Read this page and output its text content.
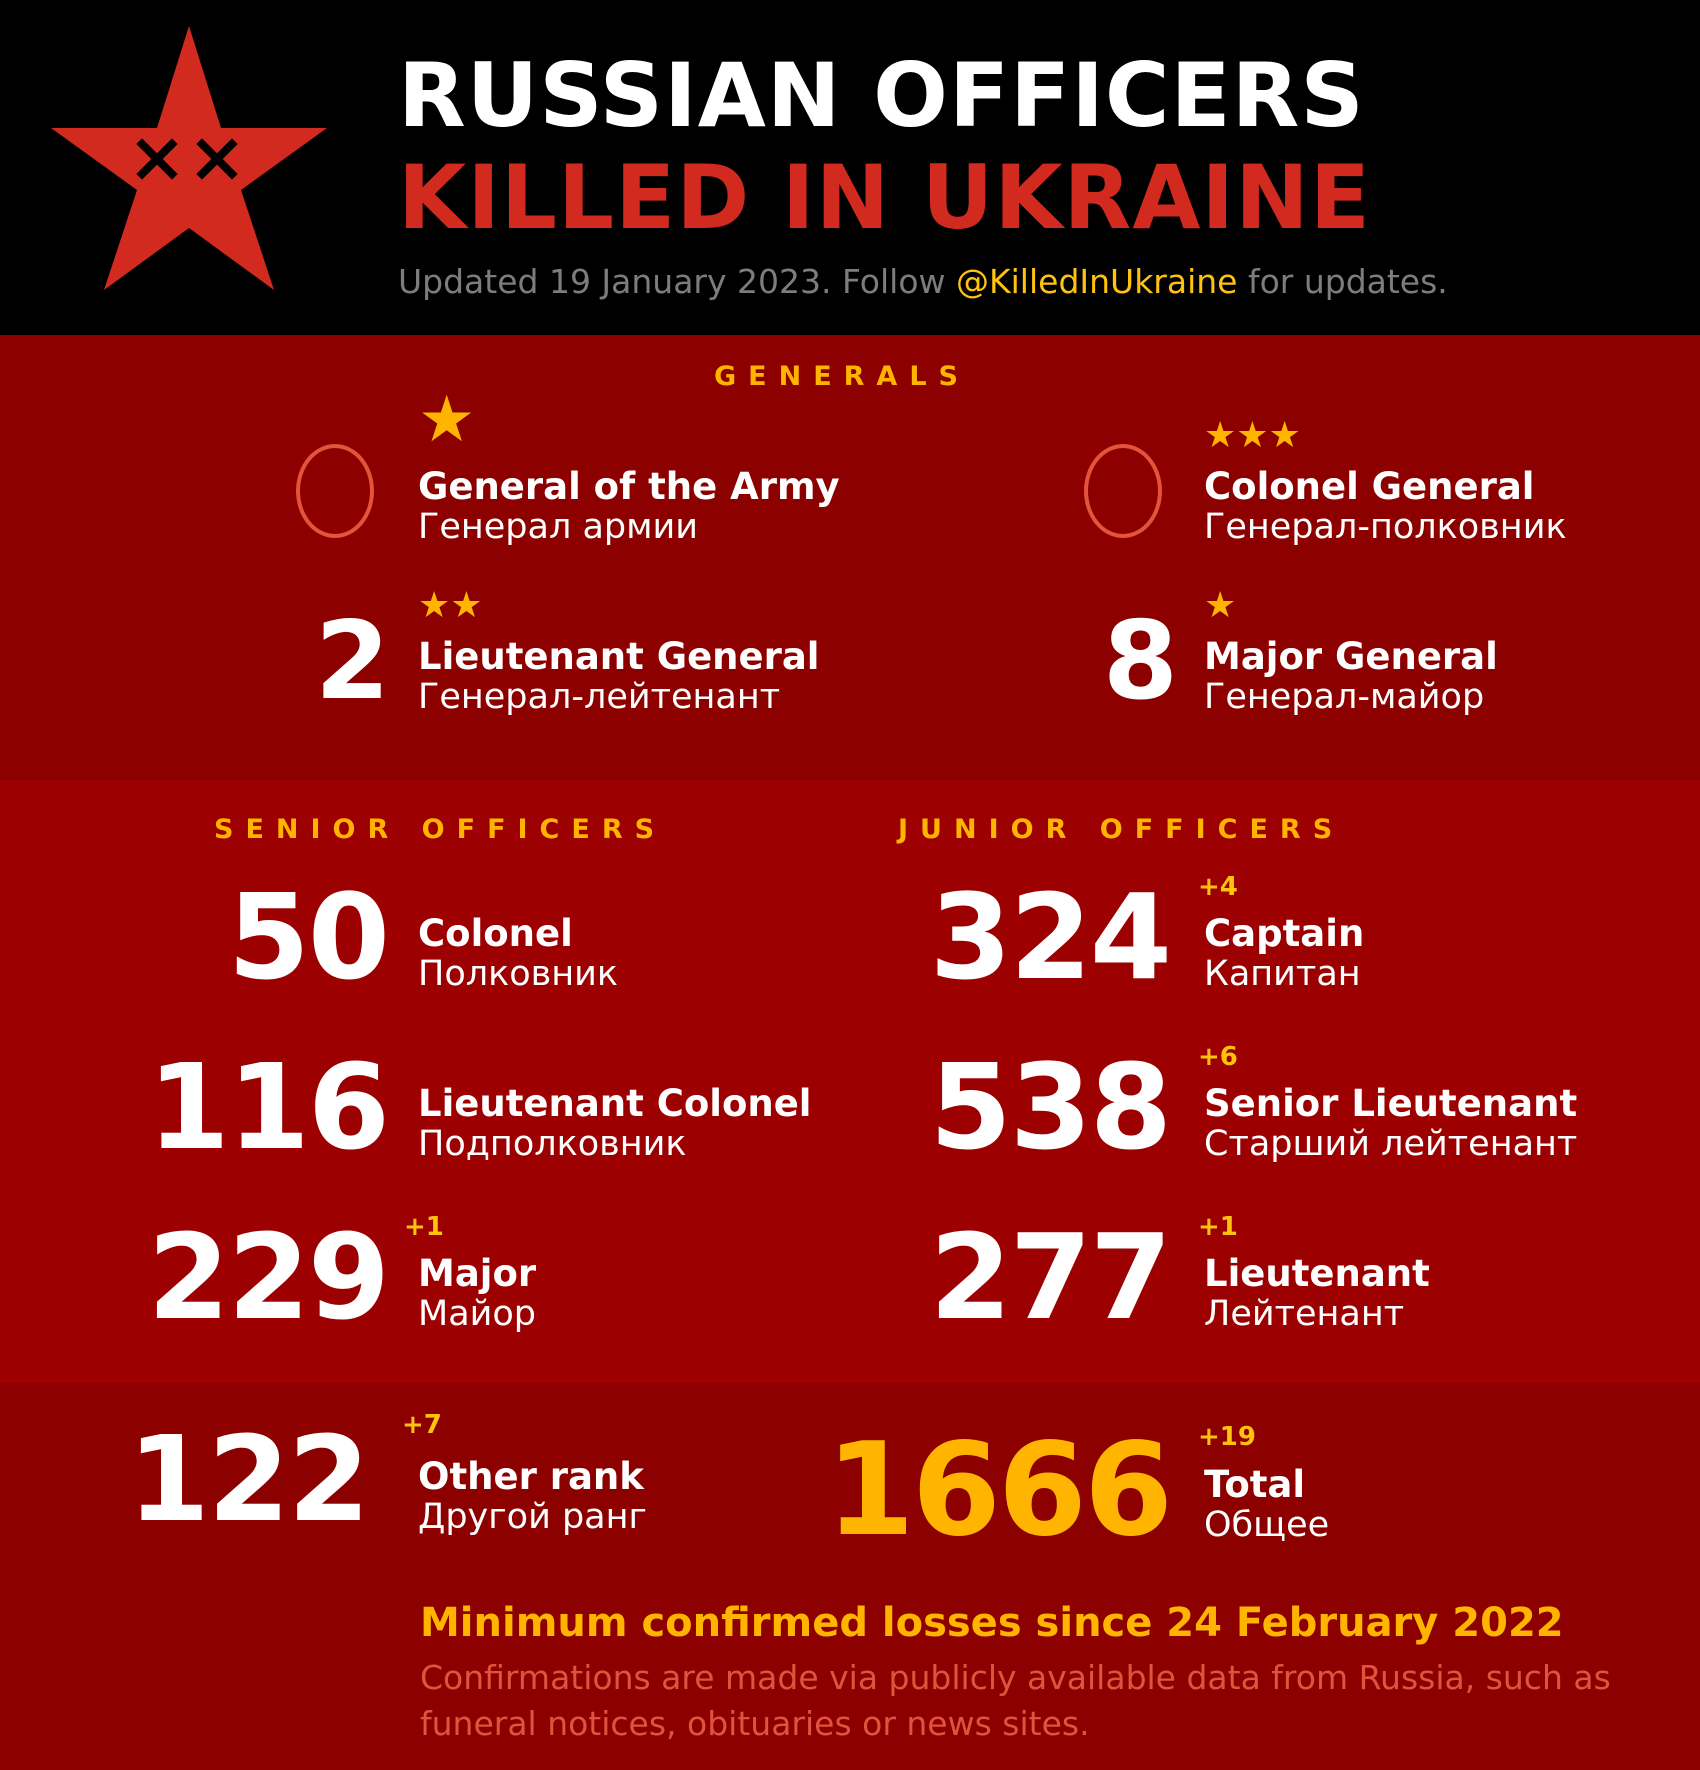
RUSSIAN OFFICERS
KILLED IN UKRAINE
Updated 19 January 2023. Follow @KilledInUkraine for updates.
GENERALS
★
General of the Army
Генерал армии
★★★
Colonel General
Генерал-полковник
★★
2 Lieutenant General
Генерал-лейтенант
★
8 Major General
Генерал-майор
SENIOR OFFICERS	JUNIOR OFFICERS
50 Colonel
Полковник
116 Lieutenant Colonel
Подполковник
+1
229 Major
Майор
+4
324 Captain
Капитан
+6
538 Senior Lieutenant
Старший лейтенант
+1
277 Lieutenant
Лейтенант
+7
122 Other rank
Другой ранг
+19
1666 Total
Общее
Minimum confirmed losses since 24 February 2022
Confirmations are made via publicly available data from Russia, such as funeral notices, obituaries or news sites.
